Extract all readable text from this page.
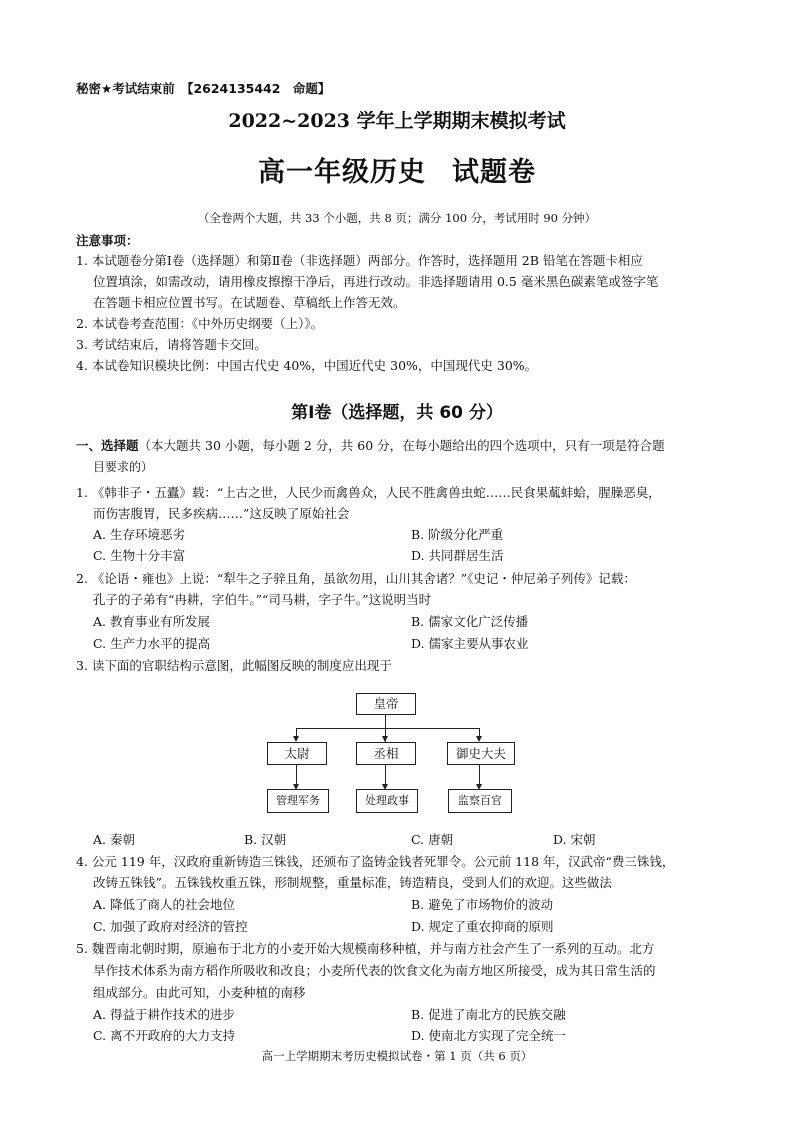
秘密★考试结束前　【2624135442　命题】
2022~2023 学年上学期期末模拟考试
高一年级历史 试题卷
（全卷两个大题，共 33 个小题，共 8 页；满分 100 分，考试用时 90 分钟）
注意事项：
1. 本试题卷分第Ⅰ卷（选择题）和第Ⅱ卷（非选择题）两部分。作答时，选择题用 2B 铅笔在答题卡相应
位置填涂，如需改动，请用橡皮擦擦干净后，再进行改动。非选择题请用 0.5 毫米黑色碳素笔或签字笔
在答题卡相应位置书写。在试题卷、草稿纸上作答无效。
2. 本试卷考查范围：《中外历史纲要（上）》。
3. 考试结束后，请将答题卡交回。
4. 本试卷知识模块比例：中国古代史 40%，中国近代史 30%，中国现代史 30%。
第Ⅰ卷（选择题，共 60 分）
一、选择题（本大题共 30 小题，每小题 2 分，共 60 分，在每小题给出的四个选项中，只有一项是符合题
目要求的）
1. 《韩非子・五蠹》载：“上古之世，人民少而禽兽众，人民不胜禽兽虫蛇……民食果蓏蚌蛤，腥臊恶臭，
而伤害腹胃，民多疾病……”这反映了原始社会
A. 生存环境恶劣	B. 阶级分化严重
C. 生物十分丰富	D. 共同群居生活
2. 《论语・雍也》上说：“犁牛之子骍且角，虽欲勿用，山川其舍诸？”《史记・仲尼弟子列传》记载：
孔子的子弟有“冉耕，字伯牛。”“司马耕，字子牛。”这说明当时
A. 教育事业有所发展	B. 儒家文化广泛传播
C. 生产力水平的提高	D. 儒家主要从事农业
3. 读下面的官职结构示意图，此幅图反映的制度应出现于
皇帝
太尉	丞相	御史大夫
管理军务	处理政事	监察百官
A. 秦朝	B. 汉朝	C. 唐朝	D. 宋朝
4. 公元 119 年，汉政府重新铸造三铢钱，还颁布了盗铸金钱者死罪令。公元前 118 年，汉武帝“费三铢钱，
改铸五铢钱”。五铢钱枚重五铢，形制规整，重量标准，铸造精良，受到人们的欢迎。这些做法
A. 降低了商人的社会地位	B. 避免了市场物价的波动
C. 加强了政府对经济的管控	D. 规定了重农抑商的原则
5. 魏晋南北朝时期，原遍布于北方的小麦开始大规模南移种植，并与南方社会产生了一系列的互动。北方
旱作技术体系为南方稻作所吸收和改良；小麦所代表的饮食文化为南方地区所接受，成为其日常生活的
组成部分。由此可知，小麦种植的南移
A. 得益于耕作技术的进步	B. 促进了南北方的民族交融
C. 离不开政府的大力支持	D. 使南北方实现了完全统一
高一上学期期末考历史模拟试卷・第 1 页（共 6 页）
